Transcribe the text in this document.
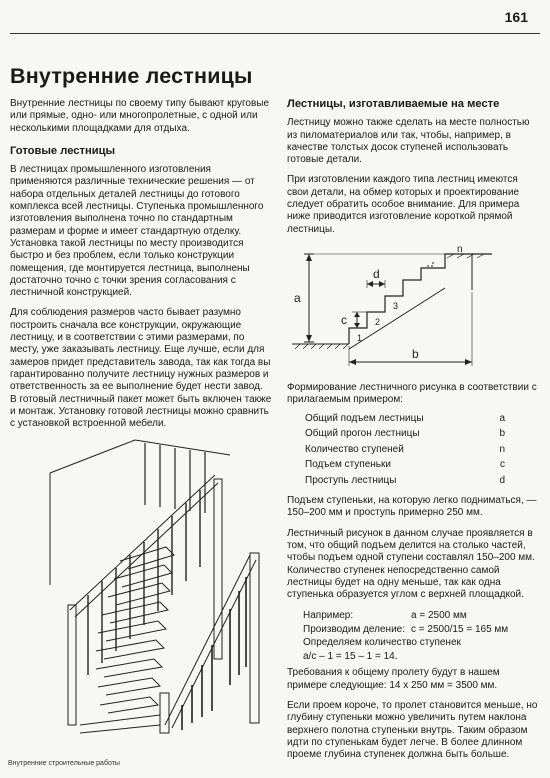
161
Внутренние лестницы

Внутренние лестницы по своему типу бывают круговые или прямые, одно- или многопролетные, с одной или несколькими площадками для отдыха.

Готовые лестницы

В лестницах промышленного изготовления применяются различные технические решения — от набора отдельных деталей лестницы до готового комплекса всей лестницы. Ступенька промышленного изготовления выполнена точно по стандартным размерам и форме и имеет стандартную отделку. Установка такой лестницы по месту производится быстро и без проблем, если только конструкции помещения, где монтируется лестница, выполнены достаточно точно с точки зрения согласования с лестничной конструкцией.

Для соблюдения размеров часто бывает разумно построить сначала все конструкции, окружающие лестницу, и в соответствии с этими размерами, по месту, уже заказывать лестницу. Еще лучше, если для замеров придет представитель завода, так как тогда вы гарантированно получите лестницу нужных размеров и ответственность за ее выполнение будет нести завод. В готовый лестничный пакет может быть включен также и монтаж. Установку готовой лестницы можно сравнить с установкой встроенной мебели.

Лестницы, изготавливаемые на месте

Лестницу можно также сделать на месте полностью из пиломатериалов или так, чтобы, например, в качестве толстых досок ступеней использовать готовые детали.

При изготовлении каждого типа лестниц имеются свои детали, на обмер которых и проектирование следует обратить особое внимание. Для примера ниже приводится изготовление короткой прямой лестницы.

a
b
c
d
n
1
2
3

Формирование лестничного рисунка в соответствии с прилагаемым примером:

Общий подъем лестницы	a
Общий прогон лестницы	b
Количество ступеней	n
Подъем ступеньки	c
Проступь лестницы	d

Подъем ступеньки, на которую легко подниматься, — 150–200 мм и проступь примерно 250 мм.

Лестничный рисунок в данном случае проявляется в том, что общий подъем делится на столько частей, чтобы подъем одной ступени составлял 150–200 мм. Количество ступенек непосредственно самой лестницы будет на одну меньше, так как одна ступенька образуется углом с верхней площадкой.

Например:	a = 2500 мм
Производим деление: c = 2500/15 = 165 мм
Определяем количество ступенек
a/c – 1 = 15 – 1 = 14.

Требования к общему пролету будут в нашем примере следующие: 14 x 250 мм = 3500 мм.

Если проем короче, то пролет становится меньше, но глубину ступеньки можно увеличить путем наклона верхнего полотна ступеньки внутрь. Таким образом идти по ступенькам будет легче. В более длинном проеме глубина ступенек должна быть больше.

Внутренние строительные работы
